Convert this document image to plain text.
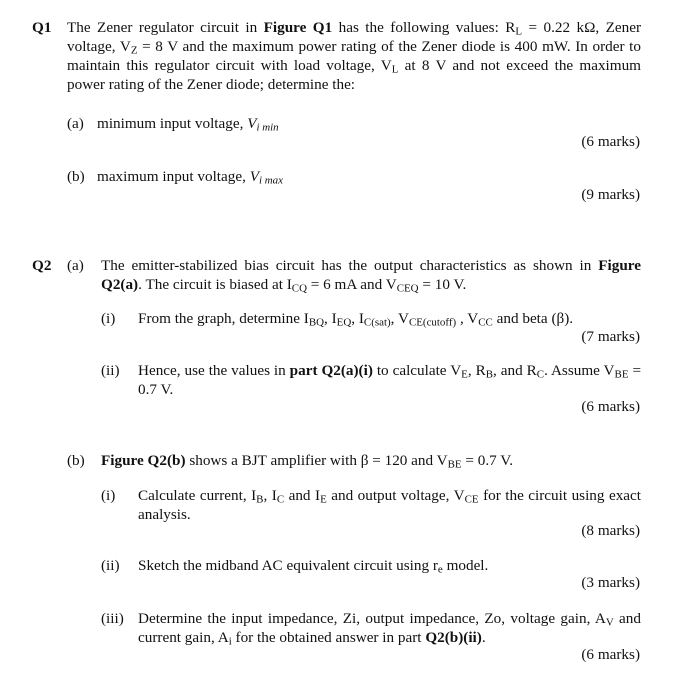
Q1 The Zener regulator circuit in Figure Q1 has the following values: $R_L = 0.22$ kΩ, Zener voltage, $V_Z = 8$ V and the maximum power rating of the Zener diode is 400 mW. In order to maintain this regulator circuit with load voltage, $V_L$ at 8 V and not exceed the maximum power rating of the Zener diode; determine the:
(a) minimum input voltage, $V_{i min}$
(6 marks)
(b) maximum input voltage, $V_{i max}$
(9 marks)
Q2 (a) The emitter-stabilized bias circuit has the output characteristics as shown in Figure Q2(a). The circuit is biased at $I_{CQ} = 6$ mA and $V_{CEQ} = 10$ V.
(i) From the graph, determine $I_{BQ}$, $I_{EQ}$, $I_{C(sat)}$, $V_{CE(cutoff)}$ , $V_{CC}$ and beta (β).
(7 marks)
(ii) Hence, use the values in part Q2(a)(i) to calculate $V_E$, $R_B$, and $R_C$. Assume $V_{BE} = 0.7$ V.
(6 marks)
(b) Figure Q2(b) shows a BJT amplifier with β = 120 and $V_{BE} = 0.7$ V.
(i) Calculate current, $I_B$, $I_C$ and $I_E$ and output voltage, $V_{CE}$ for the circuit using exact analysis.
(8 marks)
(ii) Sketch the midband AC equivalent circuit using $r_e$ model.
(3 marks)
(iii) Determine the input impedance, Zi, output impedance, Zo, voltage gain, $A_V$ and current gain, $A_i$ for the obtained answer in part Q2(b)(ii).
(6 marks)
